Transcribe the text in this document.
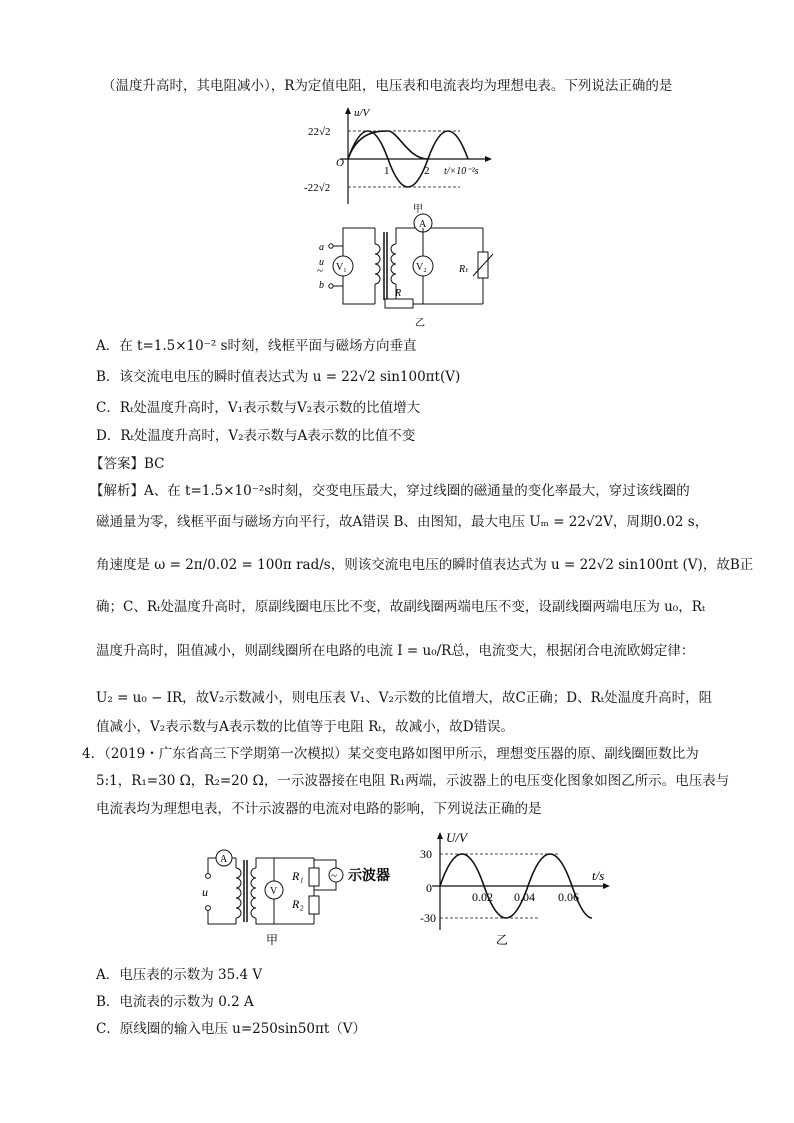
（温度升高时，其电阻减小），R为定值电阻，电压表和电流表均为理想电表。下列说法正确的是
u/V
22√2
-22√2
O
1	2 t/×10⁻²s
甲
a
b
u
~ V₁
A
V₂
R
Rₜ
乙
A．在 t=1.5×10⁻² s时刻，线框平面与磁场方向垂直
B．该交流电电压的瞬时值表达式为 u = 22√2 sin100πt(V)
C．Rₜ处温度升高时，V₁表示数与V₂表示数的比值增大
D．Rₜ处温度升高时，V₂表示数与A表示数的比值不变
【答案】BC
【解析】A、在 t=1.5×10⁻²s时刻，交变电压最大，穿过线圈的磁通量的变化率最大，穿过该线圈的
磁通量为零，线框平面与磁场方向平行，故A错误 B、由图知，最大电压 Uₘ = 22√2V，周期0.02 s，
角速度是 ω = 2π/0.02 = 100π rad/s，则该交流电电压的瞬时值表达式为 u = 22√2 sin100πt (V)，故B正
确；C、Rₜ处温度升高时，原副线圈电压比不变，故副线圈两端电压不变，设副线圈两端电压为 u₀，Rₜ
温度升高时，阻值减小，则副线圈所在电路的电流 I = u₀/R总，电流变大，根据闭合电流欧姆定律：
U₂ = u₀ − IR，故V₂示数减小，则电压表 V₁、V₂示数的比值增大，故C正确；D、Rₜ处温度升高时，阻
值减小，V₂表示数与A表示数的比值等于电阻 Rₜ，故减小，故D错误。
4．（2019・广东省高三下学期第一次模拟）某交变电路如图甲所示，理想变压器的原、副线圈匝数比为
5:1，R₁=30 Ω，R₂=20 Ω，一示波器接在电阻 R₁两端，示波器上的电压变化图象如图乙所示。电压表与
电流表均为理想电表，不计示波器的电流对电路的影响，下列说法正确的是
u
A
V
R₁
R₂
~ 示波器
甲
U/V
30
-30
0
0.02 0.04 0.06
t/s
乙
A．电压表的示数为 35.4 V
B．电流表的示数为 0.2 A
C．原线圈的输入电压 u=250sin50πt（V）
